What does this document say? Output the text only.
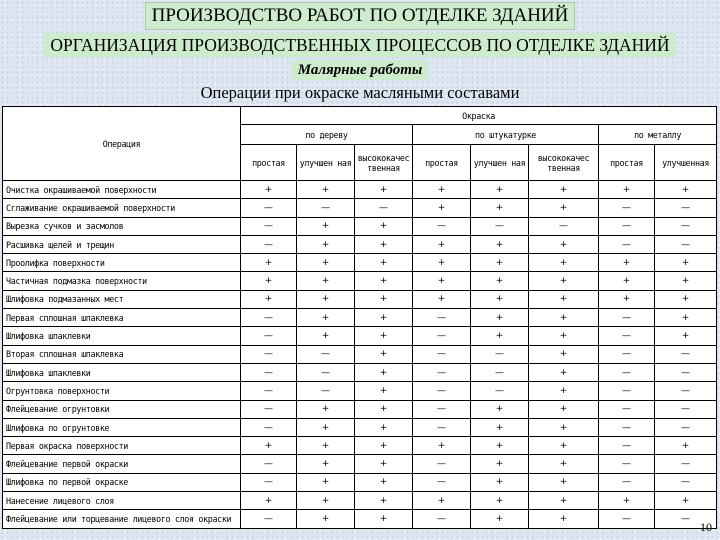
ПРОИЗВОДСТВО РАБОТ ПО ОТДЕЛКЕ ЗДАНИЙ
ОРГАНИЗАЦИЯ ПРОИЗВОДСТВЕННЫХ ПРОЦЕССОВ ПО ОТДЕЛКЕ ЗДАНИЙ
Малярные работы
Операции при окраске масляными составами
Операция	Окраска							
	по дереву			по штукатурке			по металлу	
	простая	улучшен ная	высококачес твенная	простая	улучшен ная	высококачес твенная	простая	улучшенная
Очистка окрашиваемой поверхности	+	+	+	+	+	+	+	+
Сглаживание окрашиваемой поверхности	—	—	—	+	+	+	—	—
Вырезка сучков и засмолов	—	+	+	—	—	—	—	—
Расшивка щелей и трещин	—	+	+	+	+	+	—	—
Проолифка поверхности	+	+	+	+	+	+	+	+
Частичная подмазка поверхности	+	+	+	+	+	+	+	+
Шлифовка подмазанных мест	+	+	+	+	+	+	+	+
Первая сплошная шпаклевка	—	+	+	—	+	+	—	+
Шлифовка шпаклевки	—	+	+	—	+	+	—	+
Вторая сплошная шпаклевка	—	—	+	—	—	+	—	—
Шлифовка шпаклевки	—	—	+	—	—	+	—	—
Огрунтовка поверхности	—	—	+	—	—	+	—	—
Флейцевание огрунтовки	—	+	+	—	+	+	—	—
Шлифовка по огрунтовке	—	+	+	—	+	+	—	—
Первая окраска поверхности	+	+	+	+	+	+	—	+
Флейцевание первой окраски	—	+	+	—	+	+	—	—
Шлифовка по первой окраске	—	+	+	—	+	+	—	—
Нанесение лицевого слоя	+	+	+	+	+	+	+	+
Флейцевание или торцевание лицевого слоя окраски	—	+	+	—	+	+	—	—
10
